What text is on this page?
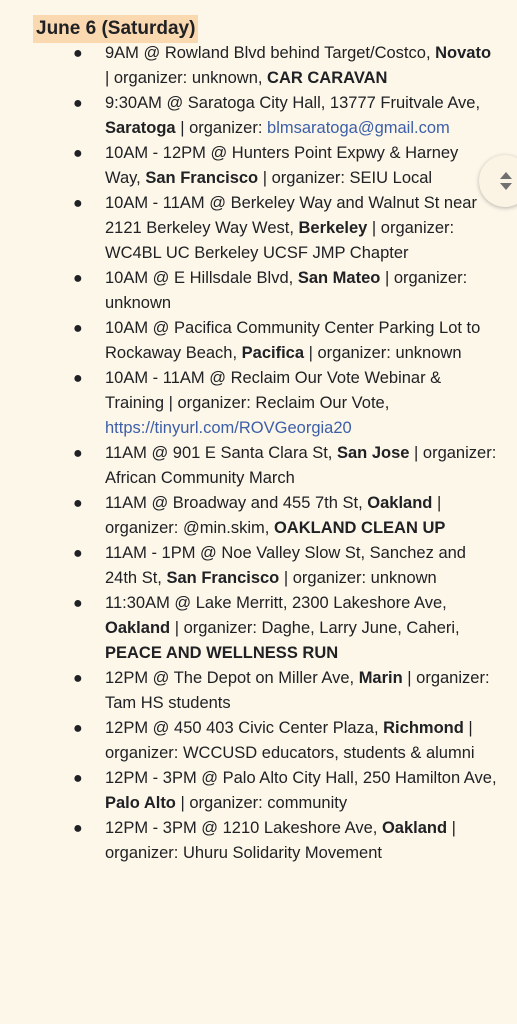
June 6 (Saturday)
● 9AM @ Rowland Blvd behind Target/Costco, Novato | organizer: unknown, CAR CARAVAN
● 9:30AM @ Saratoga City Hall, 13777 Fruitvale Ave, Saratoga | organizer: blmsaratoga@gmail.com
● 10AM - 12PM @ Hunters Point Expwy & Harney Way, San Francisco | organizer: SEIU Local
● 10AM - 11AM @ Berkeley Way and Walnut St near 2121 Berkeley Way West, Berkeley | organizer: WC4BL UC Berkeley UCSF JMP Chapter
● 10AM @ E Hillsdale Blvd, San Mateo | organizer: unknown
● 10AM @ Pacifica Community Center Parking Lot to Rockaway Beach, Pacifica | organizer: unknown
● 10AM - 11AM @ Reclaim Our Vote Webinar & Training | organizer: Reclaim Our Vote, https://tinyurl.com/ROVGeorgia20
● 11AM @ 901 E Santa Clara St, San Jose | organizer: African Community March
● 11AM @ Broadway and 455 7th St, Oakland | organizer: @min.skim, OAKLAND CLEAN UP
● 11AM - 1PM @ Noe Valley Slow St, Sanchez and 24th St, San Francisco | organizer: unknown
● 11:30AM @ Lake Merritt, 2300 Lakeshore Ave, Oakland | organizer: Daghe, Larry June, Caheri, PEACE AND WELLNESS RUN
● 12PM @ The Depot on Miller Ave, Marin | organizer: Tam HS students
● 12PM @ 450 403 Civic Center Plaza, Richmond | organizer: WCCUSD educators, students & alumni
● 12PM - 3PM @ Palo Alto City Hall, 250 Hamilton Ave, Palo Alto | organizer: community
● 12PM - 3PM @ 1210 Lakeshore Ave, Oakland | organizer: Uhuru Solidarity Movement
